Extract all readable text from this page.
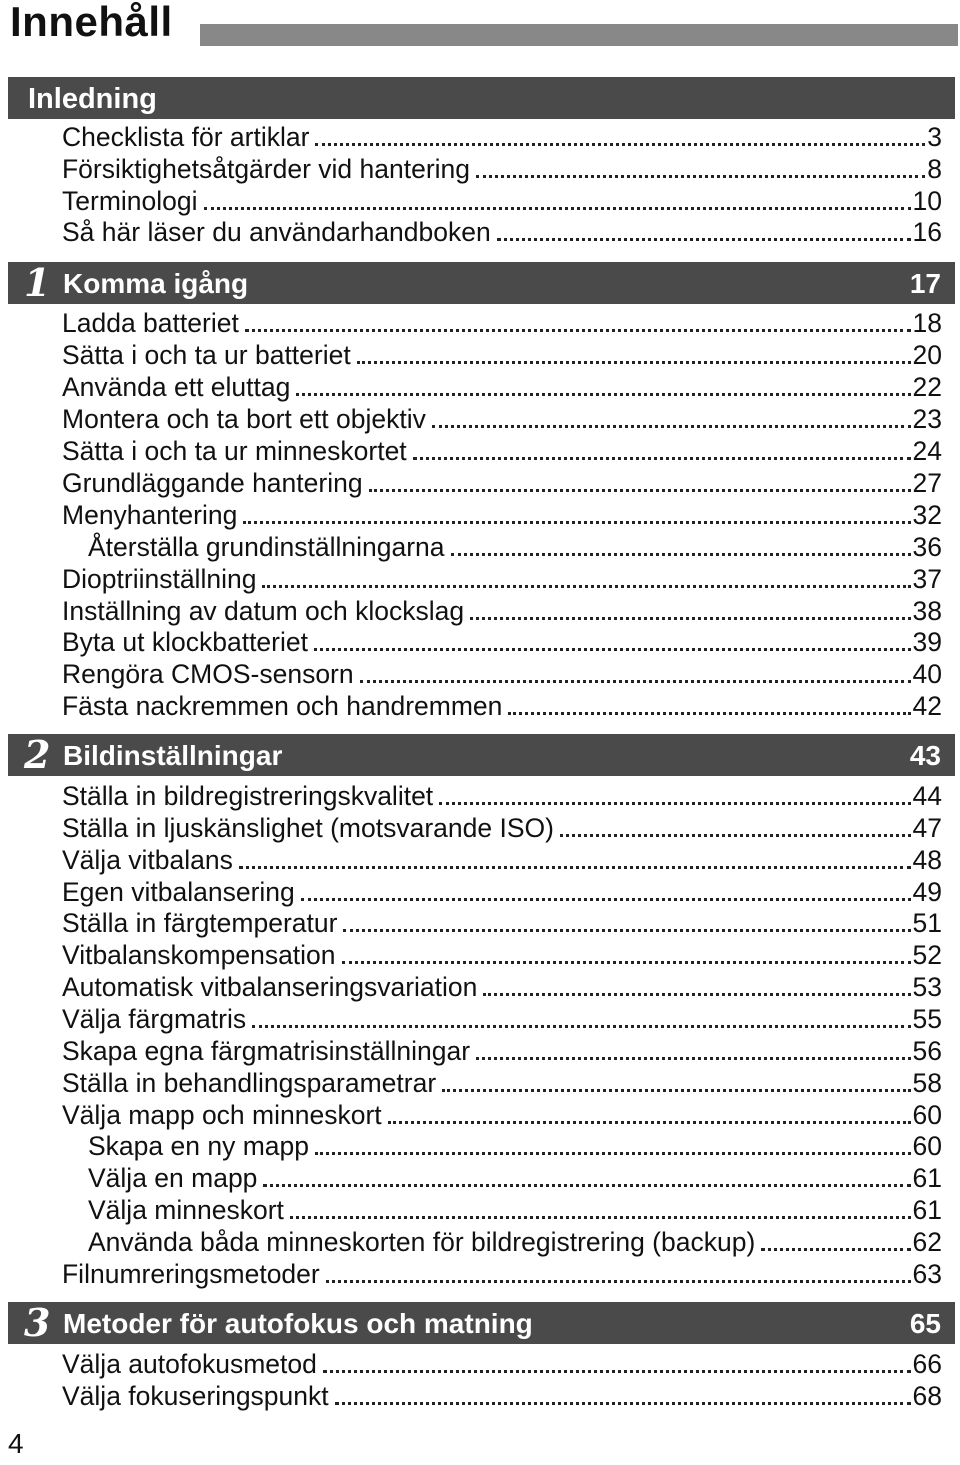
Innehåll
Inledning
Checklista för artiklar	3
Försiktighetsåtgärder vid hantering	8
Terminologi	10
Så här läser du användarhandboken	16
1 Komma igång	17
Ladda batteriet	18
Sätta i och ta ur batteriet	20
Använda ett eluttag	22
Montera och ta bort ett objektiv	23
Sätta i och ta ur minneskortet	24
Grundläggande hantering	27
Menyhantering	32
Återställa grundinställningarna	36
Dioptriinställning	37
Inställning av datum och klockslag	38
Byta ut klockbatteriet	39
Rengöra CMOS-sensorn	40
Fästa nackremmen och handremmen	42
2 Bildinställningar	43
Ställa in bildregistreringskvalitet	44
Ställa in ljuskänslighet (motsvarande ISO)	47
Välja vitbalans	48
Egen vitbalansering	49
Ställa in färgtemperatur	51
Vitbalanskompensation	52
Automatisk vitbalanseringsvariation	53
Välja färgmatris	55
Skapa egna färgmatrisinställningar	56
Ställa in behandlingsparametrar	58
Välja mapp och minneskort	60
Skapa en ny mapp	60
Välja en mapp	61
Välja minneskort	61
Använda båda minneskorten för bildregistrering (backup)	62
Filnumreringsmetoder	63
3 Metoder för autofokus och matning	65
Välja autofokusmetod	66
Välja fokuseringspunkt	68
4
